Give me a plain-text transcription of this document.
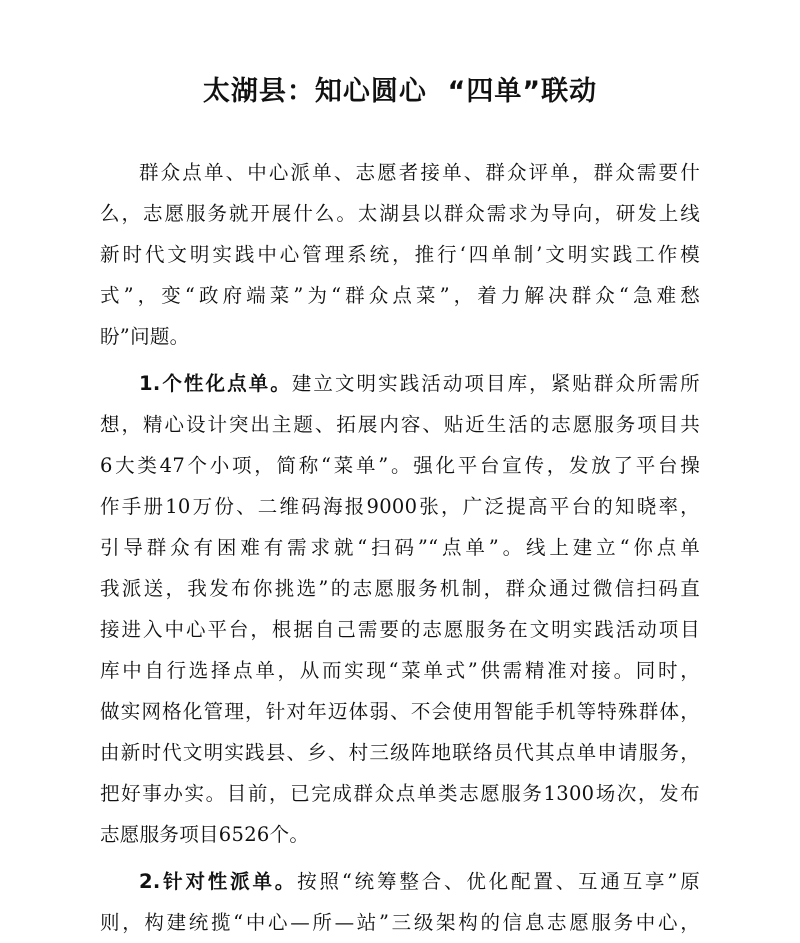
太湖县：知心圆心  “四单”联动
群众点单、中心派单、志愿者接单、群众评单，群众需要什
么，志愿服务就开展什么。太湖县以群众需求为导向，研发上线
新时代文明实践中心管理系统，推行‘四单制’文明实践工作模
式”，变“政府端菜”为“群众点菜”，着力解决群众“急难愁
盼”问题。
1.个性化点单。建立文明实践活动项目库，紧贴群众所需所
想，精心设计突出主题、拓展内容、贴近生活的志愿服务项目共
6大类47个小项，简称“菜单”。强化平台宣传，发放了平台操
作手册10万份、二维码海报9000张，广泛提高平台的知晓率，
引导群众有困难有需求就“扫码”“点单”。线上建立“你点单
我派送，我发布你挑选”的志愿服务机制，群众通过微信扫码直
接进入中心平台，根据自己需要的志愿服务在文明实践活动项目
库中自行选择点单，从而实现“菜单式”供需精准对接。同时，
做实网格化管理，针对年迈体弱、不会使用智能手机等特殊群体，
由新时代文明实践县、乡、村三级阵地联络员代其点单申请服务，
把好事办实。目前，已完成群众点单类志愿服务1300场次，发布
志愿服务项目6526个。
2.针对性派单。按照“统筹整合、优化配置、互通互享”原
则，构建统揽“中心—所—站”三级架构的信息志愿服务中心，
